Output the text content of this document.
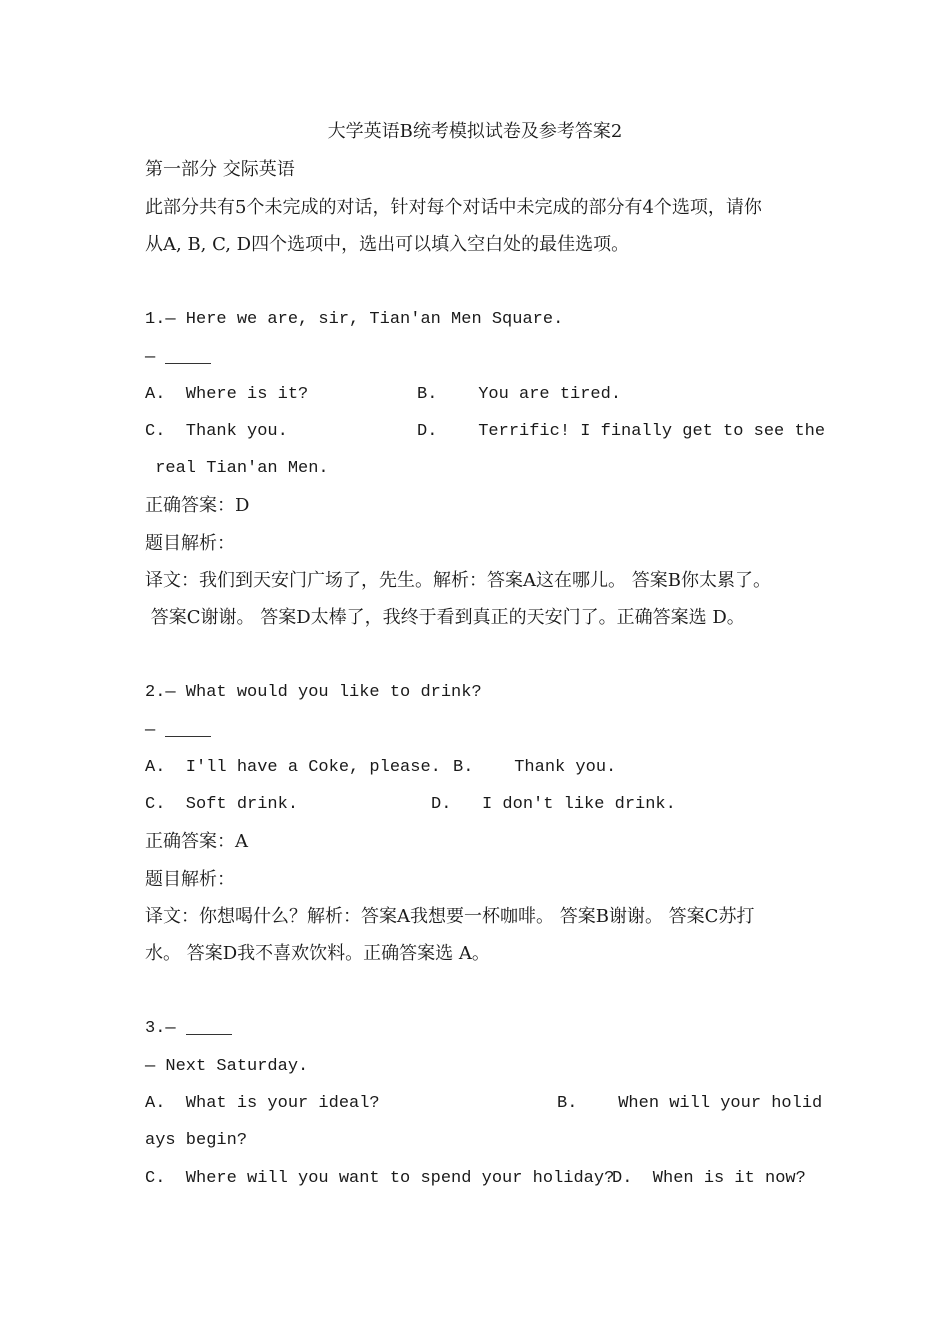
大学英语B统考模拟试卷及参考答案2
第一部分 交际英语
此部分共有5个未完成的对话，针对每个对话中未完成的部分有4个选项，请你
从A, B, C, D四个选项中，选出可以填入空白处的最佳选项。
1.— Here we are, sir, Tian'an Men Square.
—
A.  Where is it?	B.    You are tired.
C.  Thank you.	D.    Terrific! I finally get to see the
real Tian'an Men.
正确答案：D
题目解析：
译文：我们到天安门广场了，先生。解析：答案A这在哪儿。 答案B你太累了。
答案C谢谢。 答案D太棒了，我终于看到真正的天安门了。正确答案选 D。
2.— What would you like to drink?
—
A.  I'll have a Coke, please. B.    Thank you.
C.  Soft drink.	D.   I don't like drink.
正确答案：A
题目解析：
译文：你想喝什么？解析：答案A我想要一杯咖啡。 答案B谢谢。 答案C苏打
水。 答案D我不喜欢饮料。正确答案选 A。
3.—
— Next Saturday.
A.  What is your ideal?	B.    When will your holid
ays begin?
C.  Where will you want to spend your holiday?
D.  When is it now?
